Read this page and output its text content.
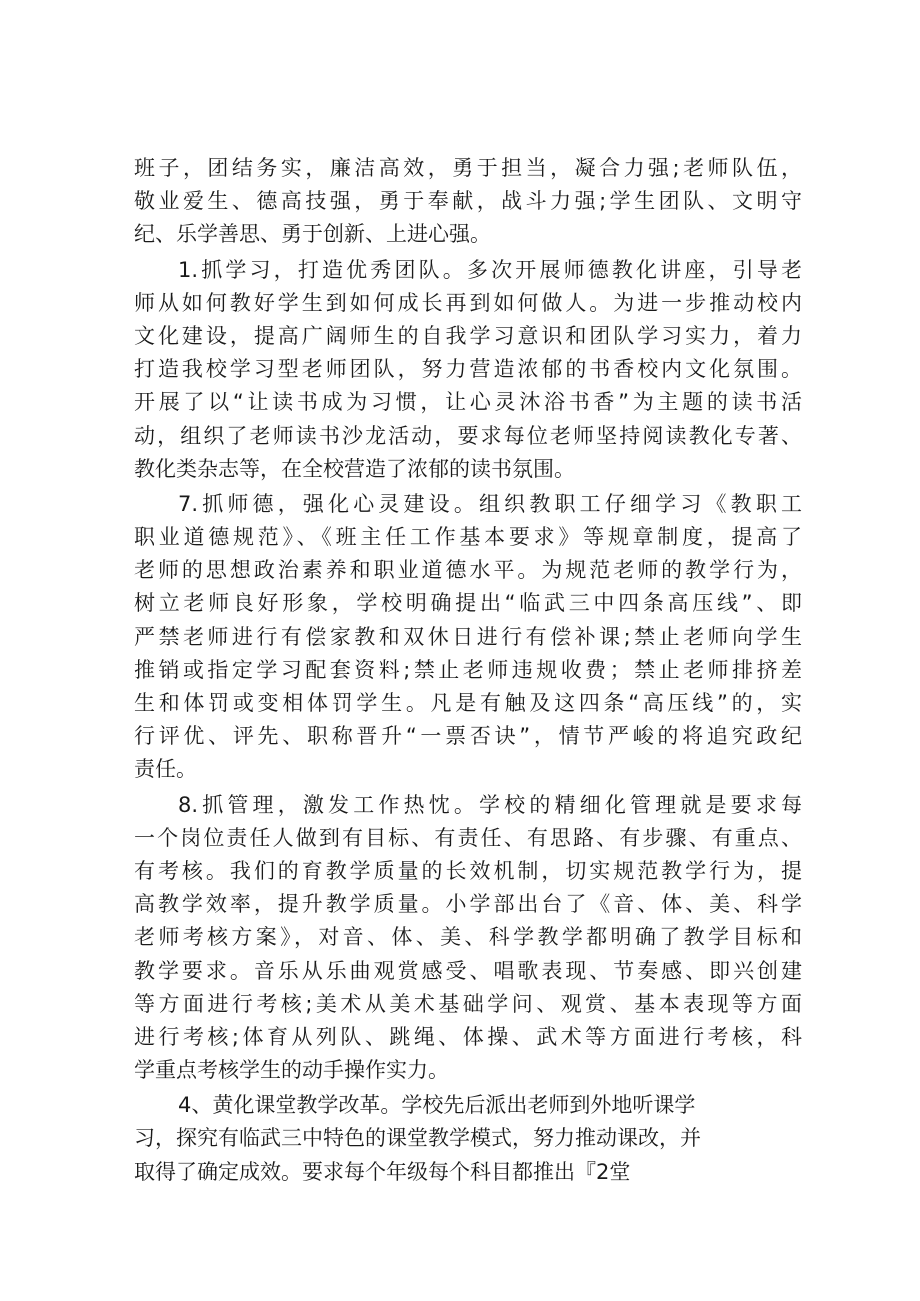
班子，团结务实，廉洁高效，勇于担当，凝合力强;老师队伍，
敬业爱生、德高技强，勇于奉献，战斗力强;学生团队、文明守
纪、乐学善思、勇于创新、上进心强。
1.抓学习，打造优秀团队。多次开展师德教化讲座，引导老
师从如何教好学生到如何成长再到如何做人。为进一步推动校内
文化建设，提高广阔师生的自我学习意识和团队学习实力，着力
打造我校学习型老师团队，努力营造浓郁的书香校内文化氛围。
开展了以“让读书成为习惯，让心灵沐浴书香”为主题的读书活
动，组织了老师读书沙龙活动，要求每位老师坚持阅读教化专著、
教化类杂志等，在全校营造了浓郁的读书氛围。
7.抓师德，强化心灵建设。组织教职工仔细学习《教职工
职业道德规范》、《班主任工作基本要求》等规章制度，提高了
老师的思想政治素养和职业道德水平。为规范老师的教学行为，
树立老师良好形象，学校明确提出“临武三中四条高压线”、即
严禁老师进行有偿家教和双休日进行有偿补课;禁止老师向学生
推销或指定学习配套资料;禁止老师违规收费；禁止老师排挤差
生和体罚或变相体罚学生。凡是有触及这四条“高压线”的，实
行评优、评先、职称晋升“一票否诀”，情节严峻的将追究政纪
责任。
8.抓管理，激发工作热忱。学校的精细化管理就是要求每
一个岗位责任人做到有目标、有责任、有思路、有步骤、有重点、
有考核。我们的育教学质量的长效机制，切实规范教学行为，提
高教学效率，提升教学质量。小学部出台了《音、体、美、科学
老师考核方案》，对音、体、美、科学教学都明确了教学目标和
教学要求。音乐从乐曲观赏感受、唱歌表现、节奏感、即兴创建
等方面进行考核;美术从美术基础学问、观赏、基本表现等方面
进行考核;体育从列队、跳绳、体操、武术等方面进行考核，科
学重点考核学生的动手操作实力。
4、黄化课堂教学改革。学校先后派出老师到外地听课学
习，探究有临武三中特色的课堂教学模式，努力推动课改，并
取得了确定成效。要求每个年级每个科目都推出『2堂
